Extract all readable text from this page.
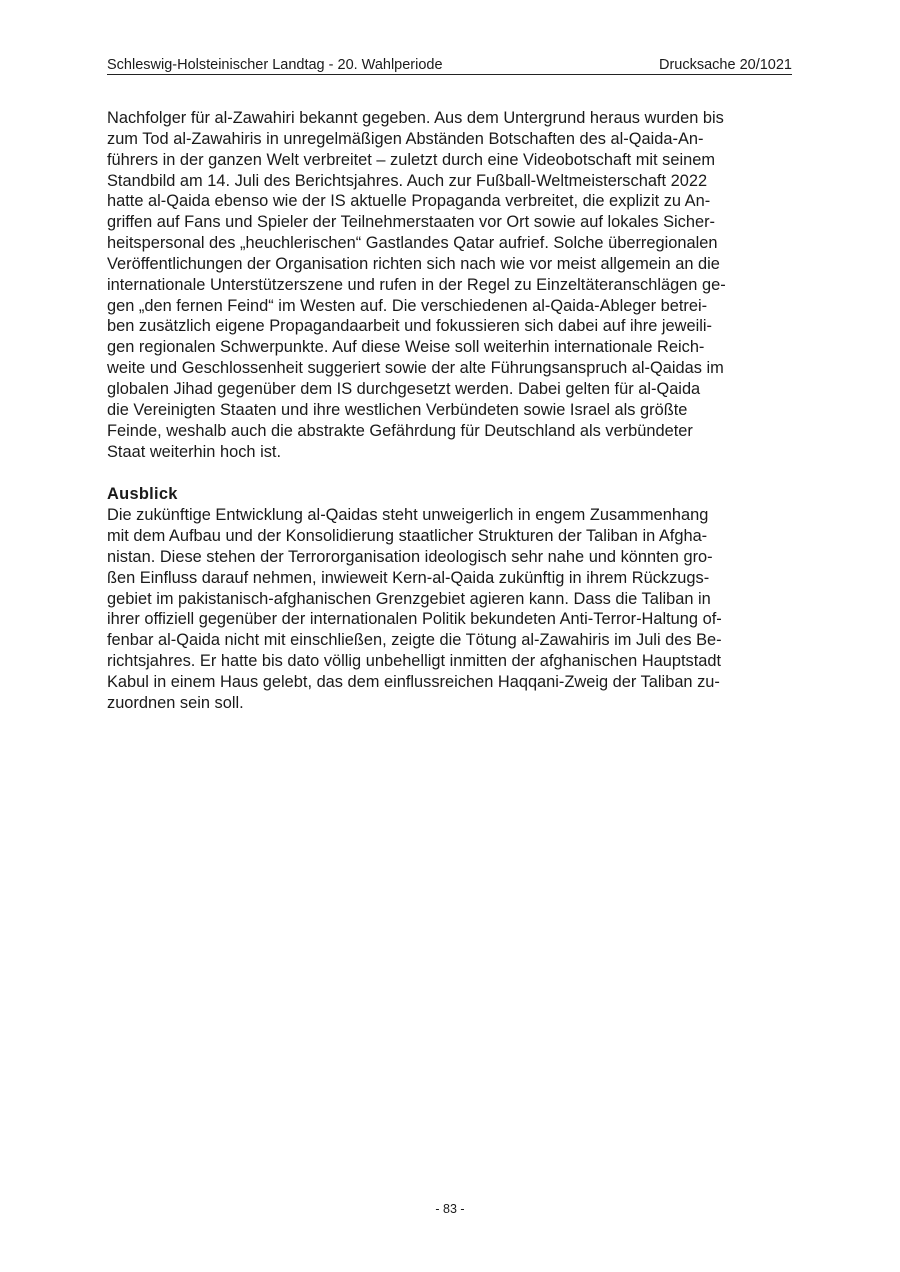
Schleswig-Holsteinischer Landtag - 20. Wahlperiode	Drucksache 20/1021

Nachfolger für al-Zawahiri bekannt gegeben. Aus dem Untergrund heraus wurden bis
zum Tod al-Zawahiris in unregelmäßigen Abständen Botschaften des al-Qaida-An-
führers in der ganzen Welt verbreitet – zuletzt durch eine Videobotschaft mit seinem
Standbild am 14. Juli des Berichtsjahres. Auch zur Fußball-Weltmeisterschaft 2022
hatte al-Qaida ebenso wie der IS aktuelle Propaganda verbreitet, die explizit zu An-
griffen auf Fans und Spieler der Teilnehmerstaaten vor Ort sowie auf lokales Sicher-
heitspersonal des „heuchlerischen“ Gastlandes Qatar aufrief. Solche überregionalen
Veröffentlichungen der Organisation richten sich nach wie vor meist allgemein an die
internationale Unterstützerszene und rufen in der Regel zu Einzeltäteranschlägen ge-
gen „den fernen Feind“ im Westen auf. Die verschiedenen al-Qaida-Ableger betrei-
ben zusätzlich eigene Propagandaarbeit und fokussieren sich dabei auf ihre jeweili-
gen regionalen Schwerpunkte. Auf diese Weise soll weiterhin internationale Reich-
weite und Geschlossenheit suggeriert sowie der alte Führungsanspruch al-Qaidas im
globalen Jihad gegenüber dem IS durchgesetzt werden. Dabei gelten für al-Qaida
die Vereinigten Staaten und ihre westlichen Verbündeten sowie Israel als größte
Feinde, weshalb auch die abstrakte Gefährdung für Deutschland als verbündeter
Staat weiterhin hoch ist.

Ausblick

Die zukünftige Entwicklung al-Qaidas steht unweigerlich in engem Zusammenhang
mit dem Aufbau und der Konsolidierung staatlicher Strukturen der Taliban in Afgha-
nistan. Diese stehen der Terrororganisation ideologisch sehr nahe und könnten gro-
ßen Einfluss darauf nehmen, inwieweit Kern-al-Qaida zukünftig in ihrem Rückzugs-
gebiet im pakistanisch-afghanischen Grenzgebiet agieren kann. Dass die Taliban in
ihrer offiziell gegenüber der internationalen Politik bekundeten Anti-Terror-Haltung of-
fenbar al-Qaida nicht mit einschließen, zeigte die Tötung al-Zawahiris im Juli des Be-
richtsjahres. Er hatte bis dato völlig unbehelligt inmitten der afghanischen Hauptstadt
Kabul in einem Haus gelebt, das dem einflussreichen Haqqani-Zweig der Taliban zu-
zuordnen sein soll.

- 83 -
